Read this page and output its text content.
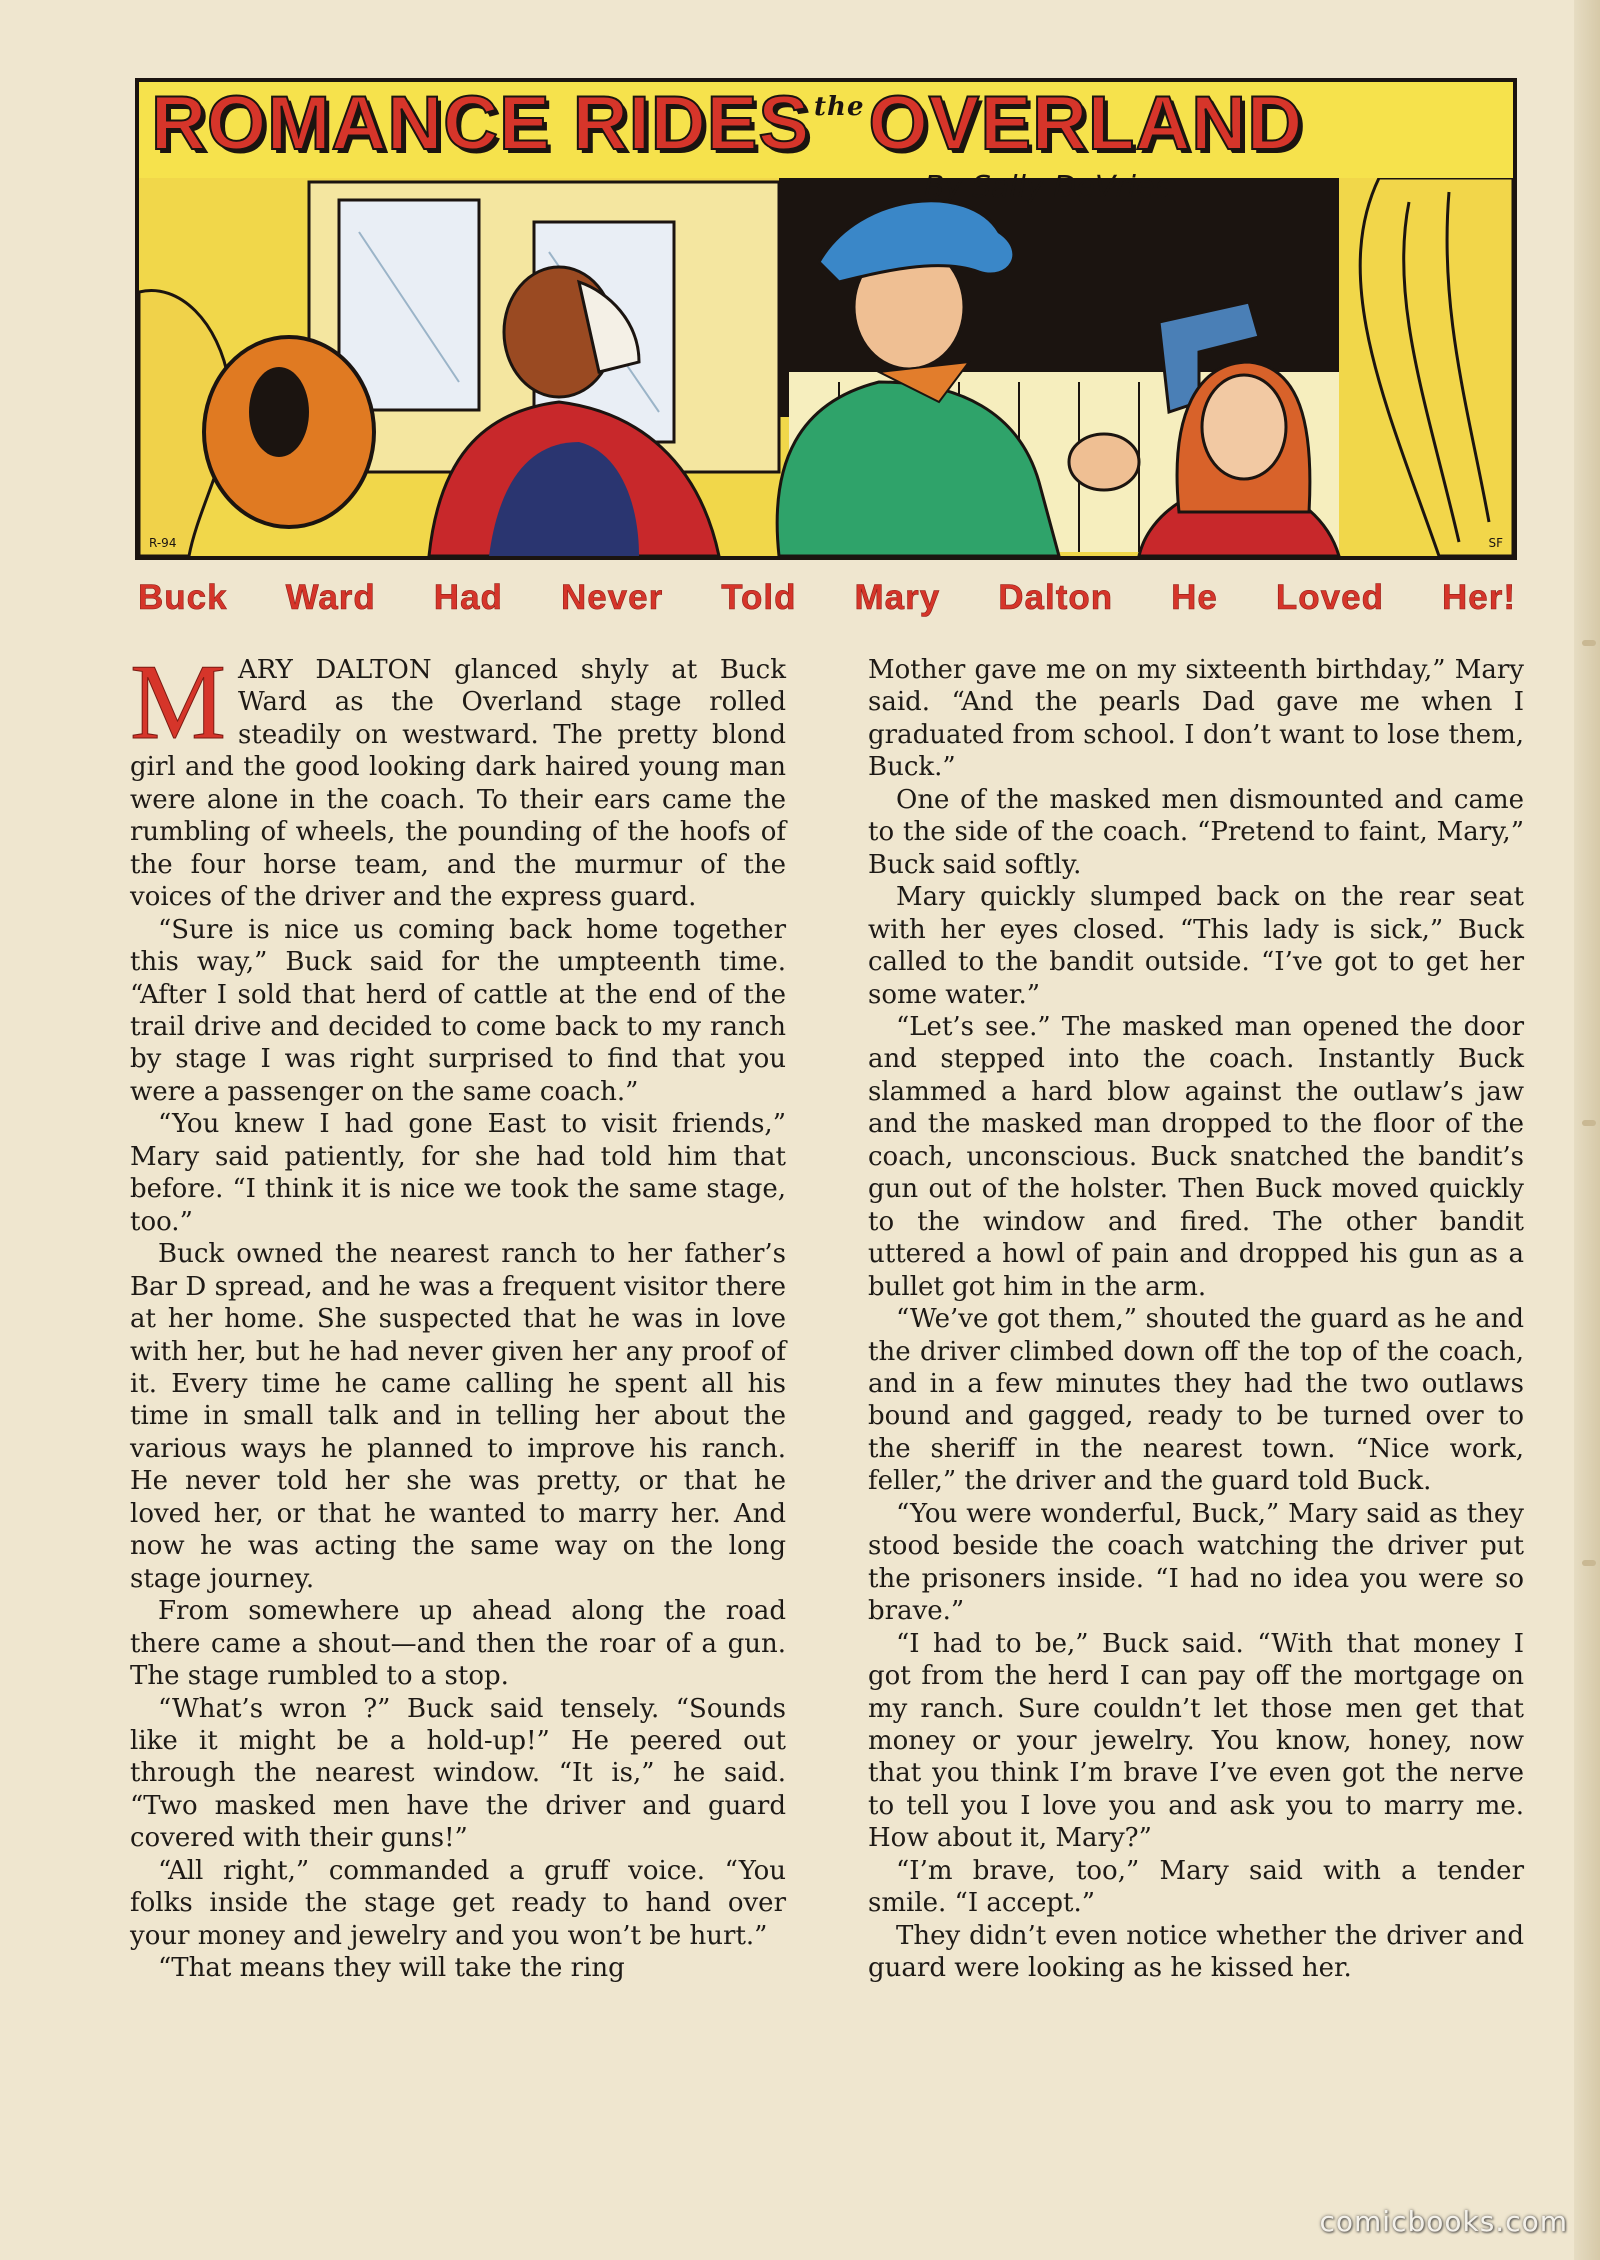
ROMANCE RIDES $^{the}$OVERLAND
By Sally DeVries
R-94	SF
Buck Ward Had Never Told Mary Dalton He Loved Her!

MARY DALTON glanced shyly at Buck Ward as the Overland stage rolled steadily on westward. The pretty blond girl and the good looking dark haired young man were alone in the coach. To their ears came the rumbling of wheels, the pounding of the hoofs of the four horse team, and the murmur of the voices of the driver and the express guard.

“Sure is nice us coming back home together this way,” Buck said for the umpteenth time. “After I sold that herd of cattle at the end of the trail drive and decided to come back to my ranch by stage I was right surprised to find that you were a passenger on the same coach.”

“You knew I had gone East to visit friends,” Mary said patiently, for she had told him that before. “I think it is nice we took the same stage, too.”

Buck owned the nearest ranch to her father’s Bar D spread, and he was a frequent visitor there at her home. She suspected that he was in love with her, but he had never given her any proof of it. Every time he came calling he spent all his time in small talk and in telling her about the various ways he planned to improve his ranch. He never told her she was pretty, or that he loved her, or that he wanted to marry her. And now he was acting the same way on the long stage journey.

From somewhere up ahead along the road there came a shout—and then the roar of a gun. The stage rumbled to a stop.

“What’s wron ?” Buck said tensely. “Sounds like it might be a hold-up!” He peered out through the nearest window. “It is,” he said. “Two masked men have the driver and guard covered with their guns!”

“All right,” commanded a gruff voice. “You folks inside the stage get ready to hand over your money and jewelry and you won’t be hurt.”

“That means they will take the ring

Mother gave me on my sixteenth birthday,” Mary said. “And the pearls Dad gave me when I graduated from school. I don’t want to lose them, Buck.”

One of the masked men dismounted and came to the side of the coach. “Pretend to faint, Mary,” Buck said softly.

Mary quickly slumped back on the rear seat with her eyes closed. “This lady is sick,” Buck called to the bandit outside. “I’ve got to get her some water.”

“Let’s see.” The masked man opened the door and stepped into the coach. Instantly Buck slammed a hard blow against the outlaw’s jaw and the masked man dropped to the floor of the coach, unconscious. Buck snatched the bandit’s gun out of the holster. Then Buck moved quickly to the window and fired. The other bandit uttered a howl of pain and dropped his gun as a bullet got him in the arm.

“We’ve got them,” shouted the guard as he and the driver climbed down off the top of the coach, and in a few minutes they had the two outlaws bound and gagged, ready to be turned over to the sheriff in the nearest town. “Nice work, feller,” the driver and the guard told Buck.

“You were wonderful, Buck,” Mary said as they stood beside the coach watching the driver put the prisoners inside. “I had no idea you were so brave.”

“I had to be,” Buck said. “With that money I got from the herd I can pay off the mortgage on my ranch. Sure couldn’t let those men get that money or your jewelry. You know, honey, now that you think I’m brave I’ve even got the nerve to tell you I love you and ask you to marry me. How about it, Mary?”

“I’m brave, too,” Mary said with a tender smile. “I accept.”

They didn’t even notice whether the driver and guard were looking as he kissed her.

comicbooks.com
